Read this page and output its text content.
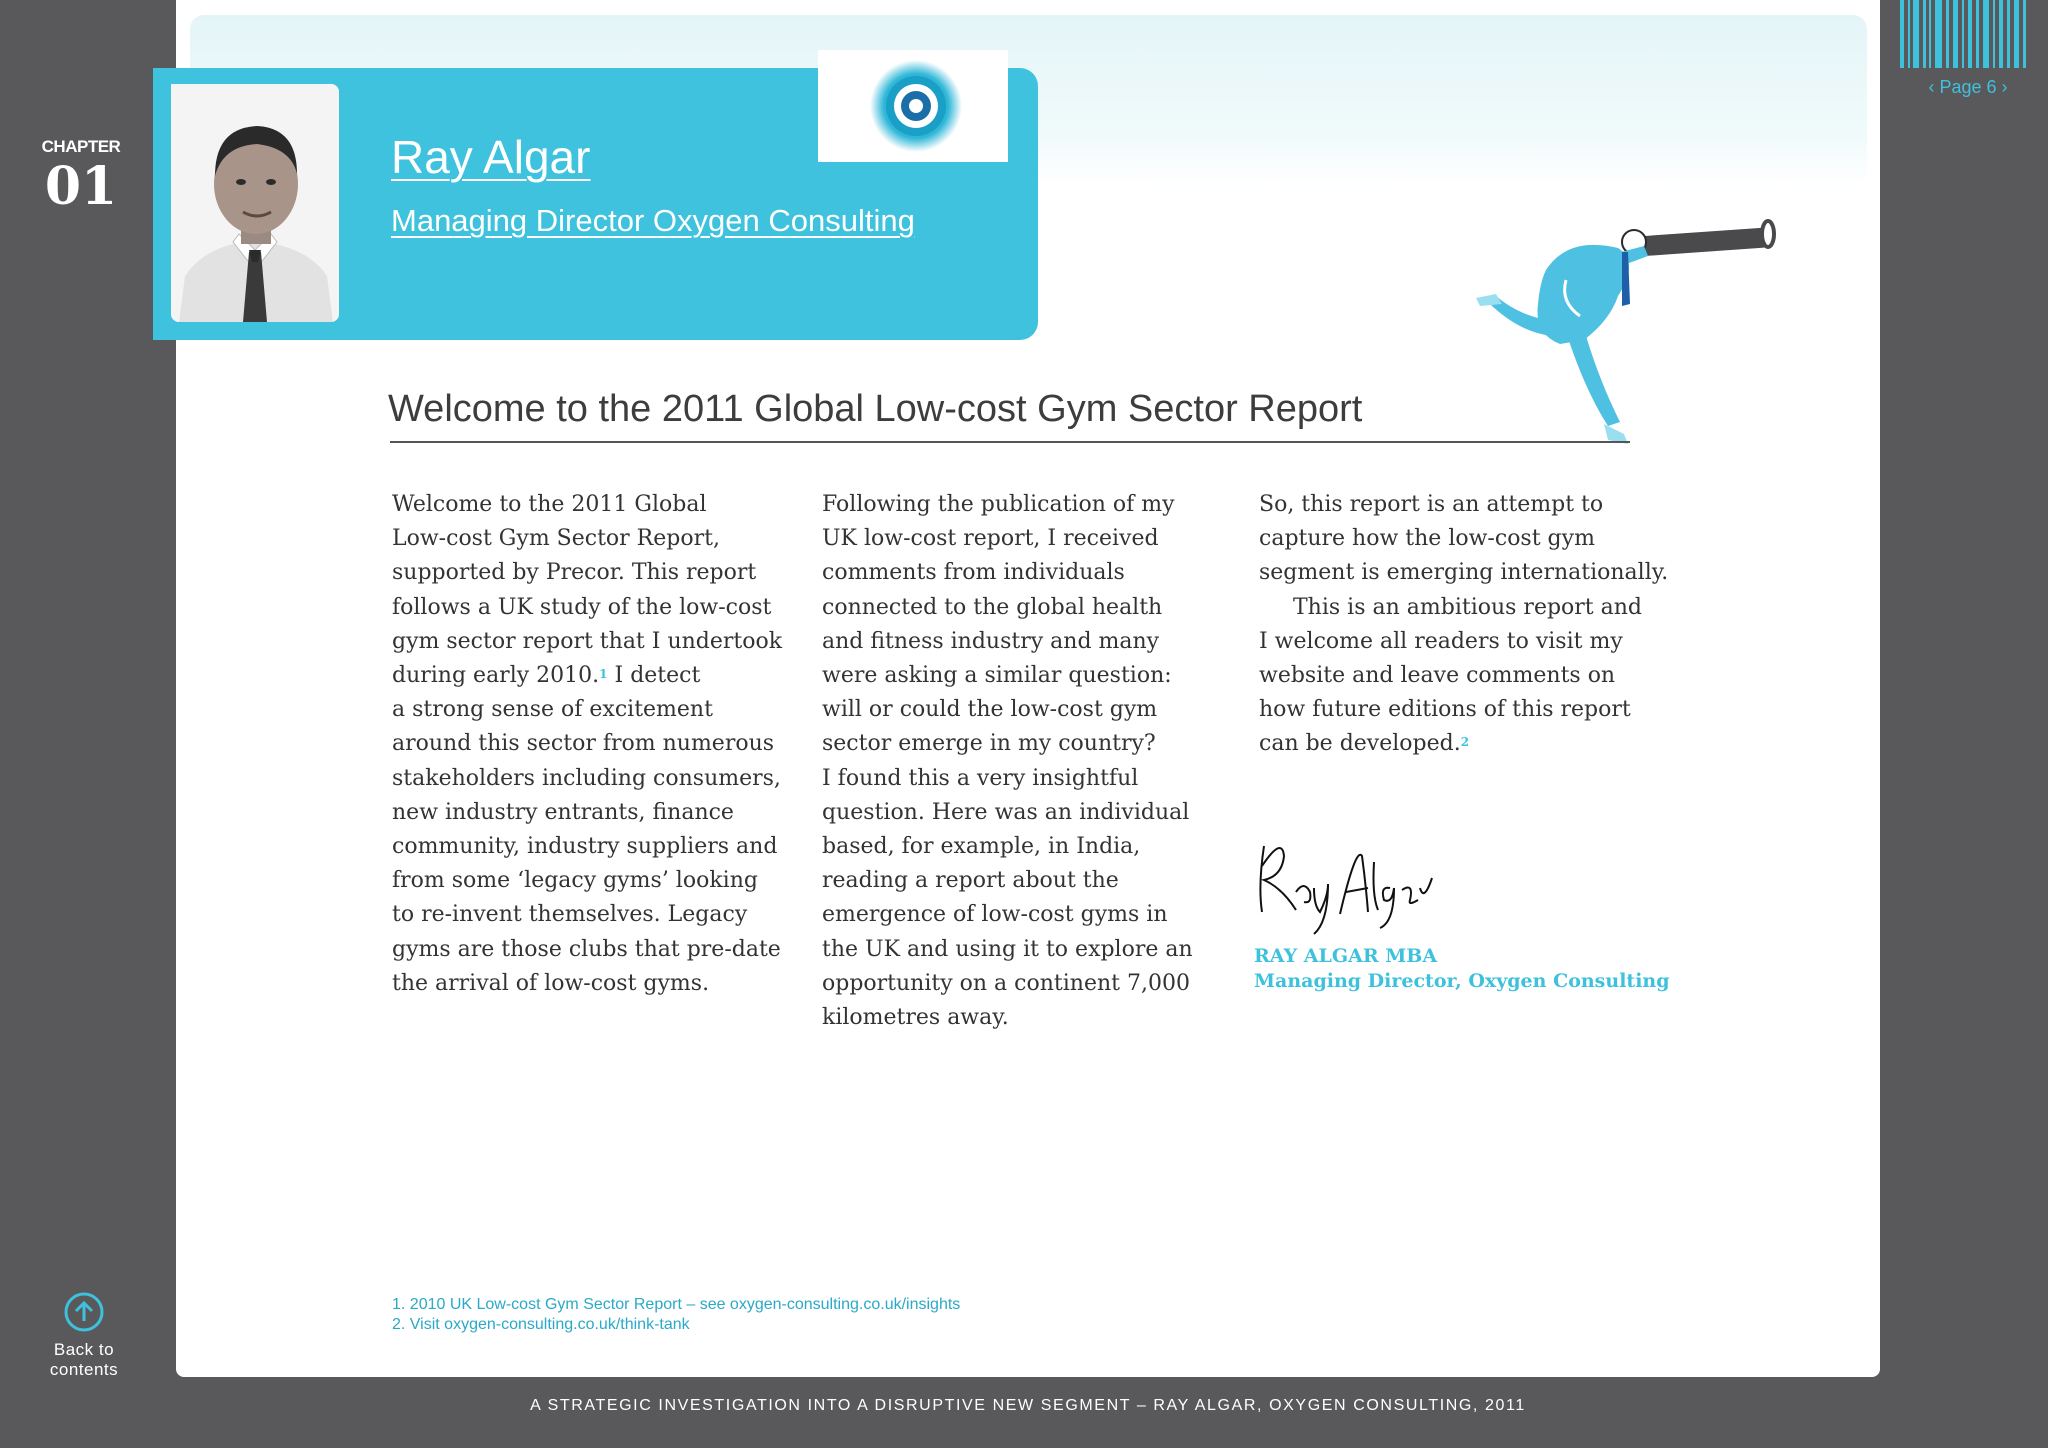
CHAPTER
01
‹ Page 6 ›
Ray Algar
Managing Director Oxygen Consulting
Welcome to the 2011 Global Low-cost Gym Sector Report

Welcome to the 2011 Global

Low-cost Gym Sector Report,

supported by Precor. This report

follows a UK study of the low-cost

gym sector report that I undertook

during early 2010.$^1$ I detect

a strong sense of excitement

around this sector from numerous

stakeholders including consumers,

new industry entrants, finance

community, industry suppliers and

from some ‘legacy gyms’ looking

to re-invent themselves. Legacy

gyms are those clubs that pre-date

the arrival of low-cost gyms.

Following the publication of my

UK low-cost report, I received

comments from individuals

connected to the global health

and fitness industry and many

were asking a similar question:

will or could the low-cost gym

sector emerge in my country?

I found this a very insightful

question. Here was an individual

based, for example, in India,

reading a report about the

emergence of low-cost gyms in

the UK and using it to explore an

opportunity on a continent 7,000

kilometres away.

So, this report is an attempt to

capture how the low-cost gym

segment is emerging internationally.

This is an ambitious report and

I welcome all readers to visit my

website and leave comments on

how future editions of this report

can be developed.$^2$

RAY ALGAR MBA
Managing Director, Oxygen Consulting
1. 2010 UK Low-cost Gym Sector Report – see oxygen-consulting.co.uk/insights
2. Visit oxygen-consulting.co.uk/think-tank
Back to
contents
A STRATEGIC INVESTIGATION INTO A DISRUPTIVE NEW SEGMENT – RAY ALGAR, OXYGEN CONSULTING, 2011
